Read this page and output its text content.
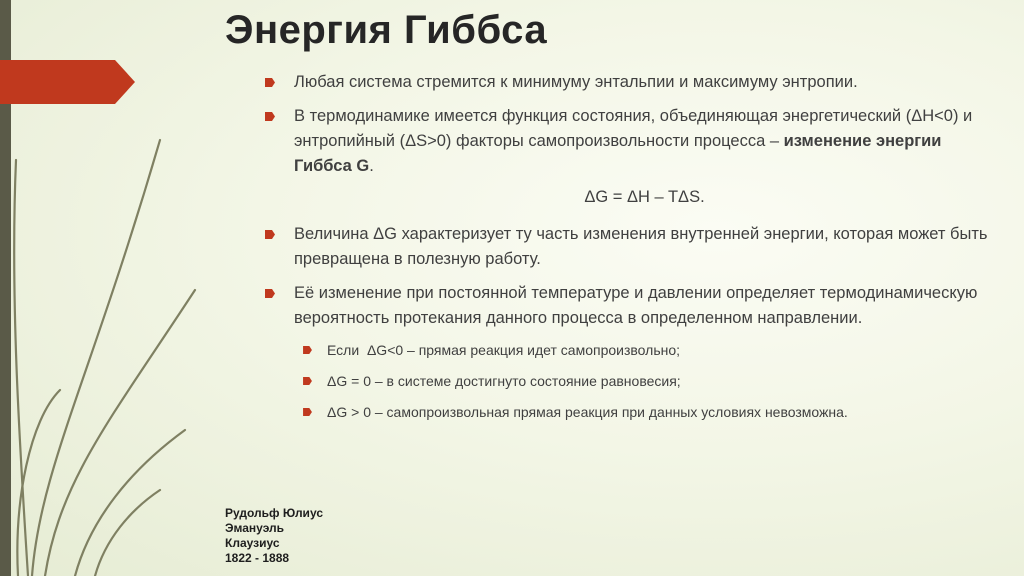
Энергия Гиббса
Любая система стремится к минимуму энтальпии и максимуму энтропии.
В термодинамике имеется функция состояния, объединяющая энергетический (ΔH<0) и энтропийный (ΔS>0) факторы самопроизвольности процесса – изменение энергии Гиббса G.
ΔG = ΔH – TΔS.
Величина ΔG характеризует ту часть изменения внутренней энергии, которая может быть превращена в полезную работу.
Её изменение при постоянной температуре и давлении определяет термодинамическую вероятность протекания данного процесса в определенном направлении.
Если  ΔG<0 – прямая реакция идет самопроизвольно;
ΔG = 0 – в системе достигнуто состояние равновесия;
ΔG > 0 – самопроизвольная прямая реакция при данных условиях невозможна.
Рудольф Юлиус
Эмануэль
Клаузиус
1822 - 1888
